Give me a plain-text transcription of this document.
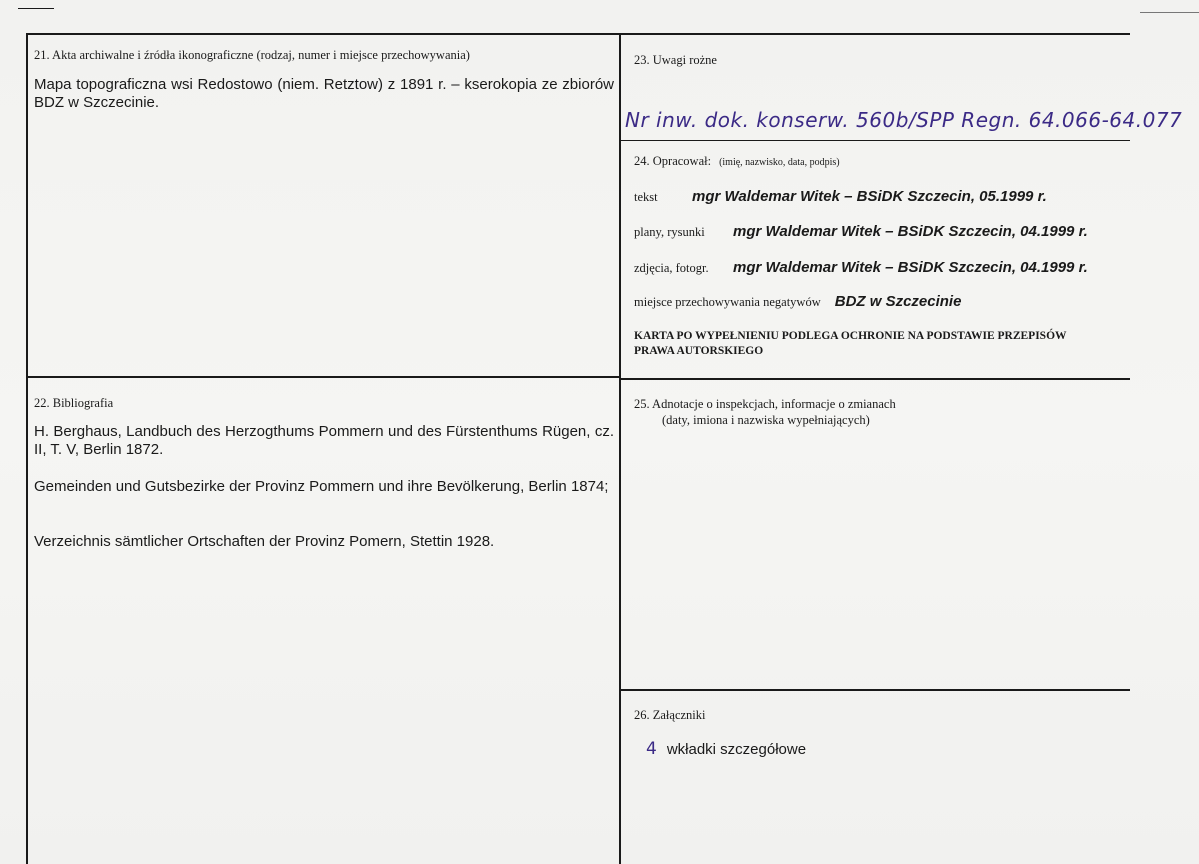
21. Akta archiwalne i źródła ikonograficzne (rodzaj, numer i miejsce przechowywania)
Mapa topograficzna wsi Redostowo (niem. Retztow) z 1891 r. – kserokopia ze zbiorów BDZ w Szczecinie.
22. Bibliografia
H. Berghaus, Landbuch des Herzogthums Pommern und des Fürstenthums Rügen, cz. II, T. V, Berlin 1872.
Gemeinden und Gutsbezirke der Provinz Pommern und ihre Bevölkerung, Berlin 1874;
Verzeichnis sämtlicher Ortschaften der Provinz Pomern, Stettin 1928.
23. Uwagi rożne
Nr inw. dok. konserw. 560b/SPP Regn. 64.066-64.077
24. Opracował: (imię, nazwisko, data, podpis)
tekst	mgr Waldemar Witek – BSiDK Szczecin, 05.1999 r.
plany, rysunki	mgr Waldemar Witek – BSiDK Szczecin, 04.1999 r.
zdjęcia, fotogr.	mgr Waldemar Witek – BSiDK Szczecin, 04.1999 r.
miejsce przechowywania negatywów BDZ w Szczecinie
KARTA PO WYPEŁNIENIU PODLEGA OCHRONIE NA PODSTAWIE PRZEPISÓW
PRAWA AUTORSKIEGO
25. Adnotacje o inspekcjach, informacje o zmianach
(daty, imiona i nazwiska wypełniających)
26. Załączniki
4 wkładki szczegółowe
